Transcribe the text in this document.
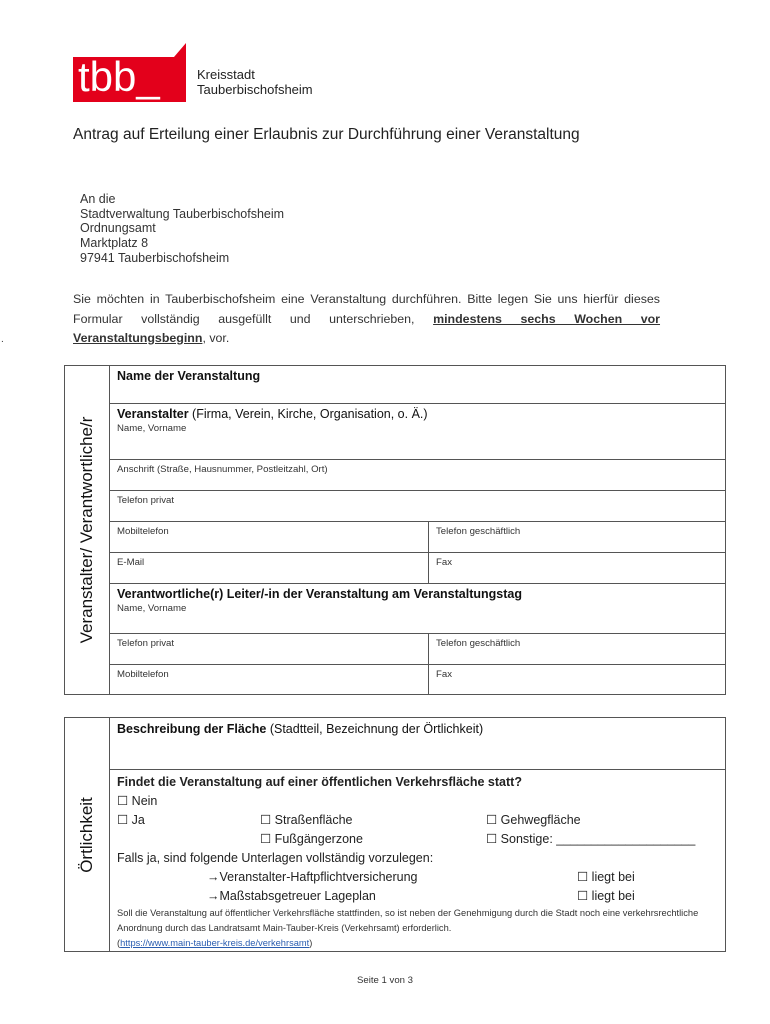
tbb_	Kreisstadt
Tauberbischofsheim
Antrag auf Erteilung einer Erlaubnis zur Durchführung einer Veranstaltung
An die
Stadtverwaltung Tauberbischofsheim
Ordnungsamt
Marktplatz 8
97941 Tauberbischofsheim
.
Sie möchten in Tauberbischofsheim eine Veranstaltung durchführen. Bitte legen Sie uns hierfür dieses Formular vollständig ausgefüllt und unterschrieben, mindestens sechs Wochen vor Veranstaltungsbeginn, vor.
Veranstalter/ Verantwortliche/r	Name der Veranstaltung	

	Veranstalter (Firma, Verein, Kirche, Organisation, o. Ä.)
Name, Vorname	

	Anschrift (Straße, Hausnummer, Postleitzahl, Ort)	

	Telefon privat	

	Mobiltelefon	Telefon geschäftlich

	E-Mail	Fax

	Verantwortliche(r) Leiter/-in der Veranstaltung am Veranstaltungstag
Name, Vorname	

	Telefon privat	Telefon geschäftlich

	Mobiltelefon	Fax
Örtlichkeit

Beschreibung der Fläche (Stadtteil, Bezeichnung der Örtlichkeit)

Findet die Veranstaltung auf einer öffentlichen Verkehrsfläche statt?
☐ Nein
☐ Ja	☐ Straßenfläche	☐ Gehwegfläche
☐ Fußgängerzone	☐ Sonstige: ____________________
Falls ja, sind folgende Unterlagen vollständig vorzulegen:
→Veranstalter-Haftpflichtversicherung	☐ liegt bei
→Maßstabsgetreuer Lageplan	☐ liegt bei
Soll die Veranstaltung auf öffentlicher Verkehrsfläche stattfinden, so ist neben der Genehmigung durch die Stadt noch eine verkehrsrechtliche Anordnung durch das Landratsamt Main-Tauber-Kreis (Verkehrsamt) erforderlich.
(https://www.main-tauber-kreis.de/verkehrsamt)
Seite 1 von 3
